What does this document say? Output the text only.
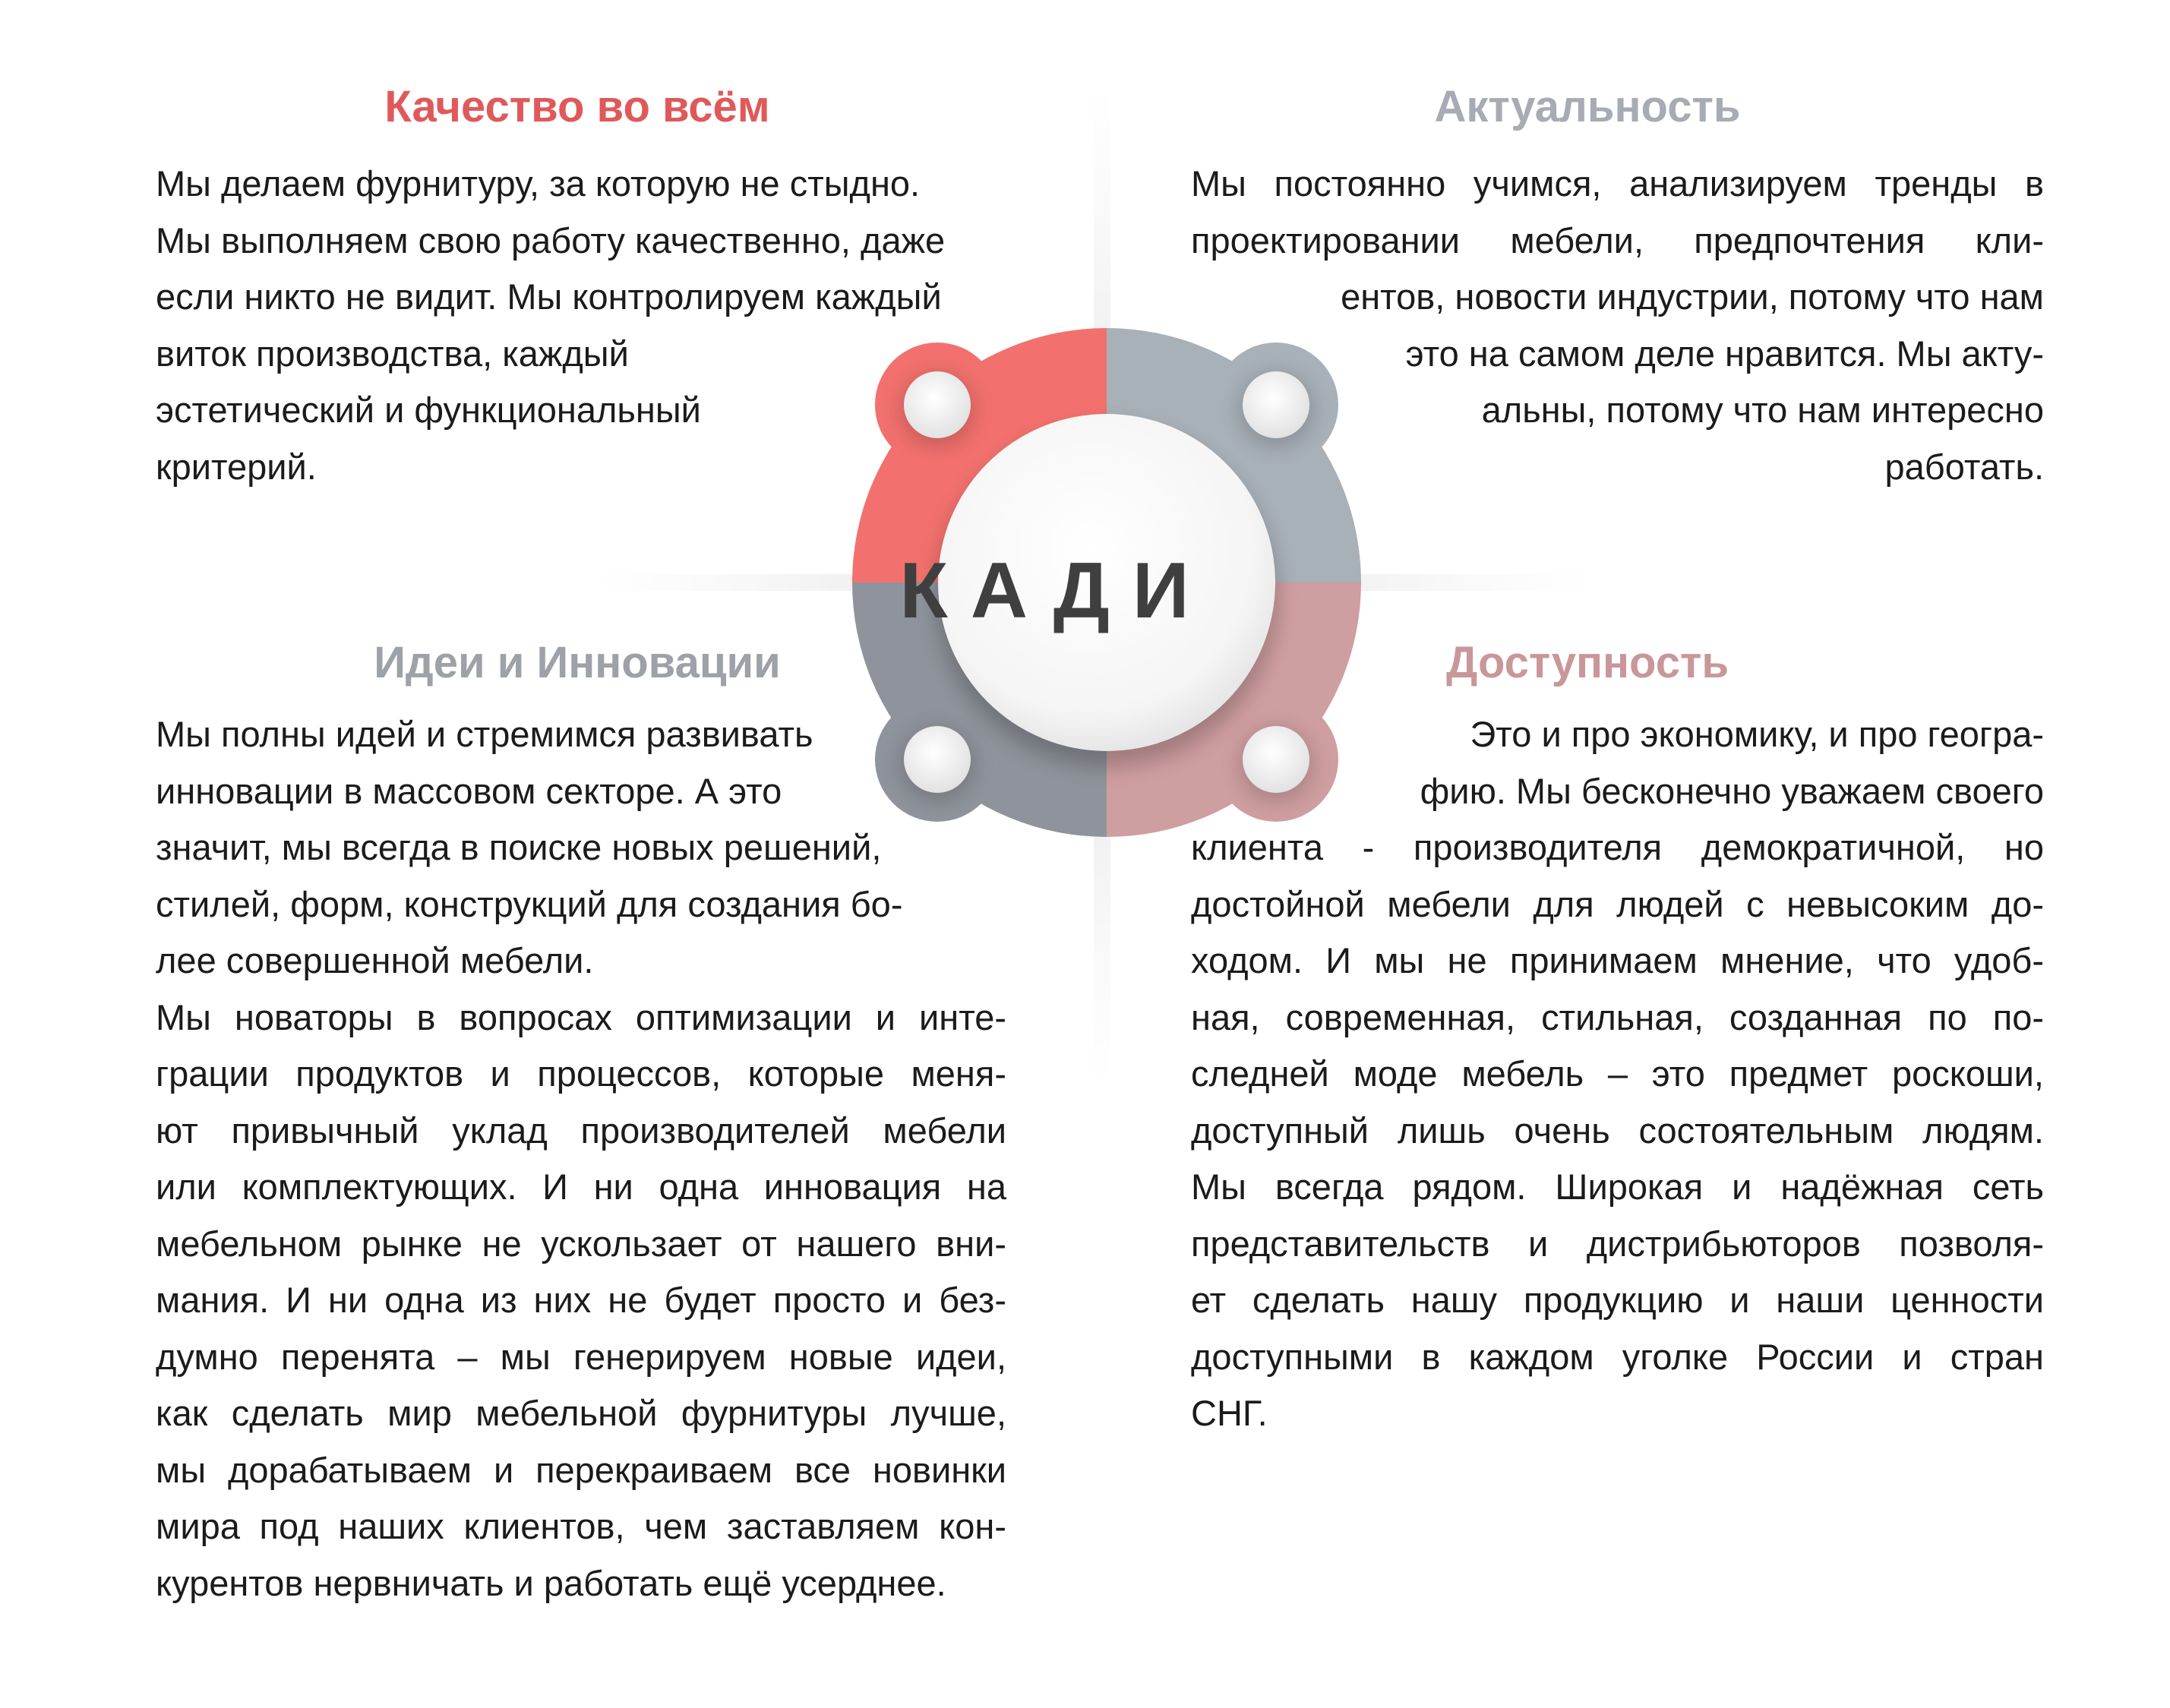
КАДИ
Качество во всём
Мы делаем фурнитуру, за которую не стыдно.
Мы выполняем свою работу качественно, даже
если никто не видит. Мы контролируем каждый
виток производства, каждый
эстетический и функциональный
критерий.
Актуальность
Мы постоянно учимся, анализируем тренды в
проектировании мебели, предпочтения кли-
ентов, новости индустрии, потому что нам
это на самом деле нравится. Мы акту-
альны, потому что нам интересно
работать.
Идеи и Инновации
Мы полны идей и стремимся развивать
инновации в массовом секторе. А это
значит, мы всегда в поиске новых решений,
стилей, форм, конструкций для создания бо-
лее совершенной мебели.
Мы новаторы в вопросах оптимизации и инте-
грации продуктов и процессов, которые меня-
ют привычный уклад производителей мебели
или комплектующих. И ни одна инновация на
мебельном рынке не ускользает от нашего вни-
мания. И ни одна из них не будет просто и без-
думно перенята – мы генерируем новые идеи,
как сделать мир мебельной фурнитуры лучше,
мы дорабатываем и перекраиваем все новинки
мира под наших клиентов, чем заставляем кон-
курентов нервничать и работать ещё усерднее.
Доступность
Это и про экономику, и про геогра-
фию. Мы бесконечно уважаем своего
клиента - производителя демократичной, но
достойной мебели для людей с невысоким до-
ходом. И мы не принимаем мнение, что удоб-
ная, современная, стильная, созданная по по-
следней моде мебель – это предмет роскоши,
доступный лишь очень состоятельным людям.
Мы всегда рядом. Широкая и надёжная сеть
представительств и дистрибьюторов позволя-
ет сделать нашу продукцию и наши ценности
доступными в каждом уголке России и стран
СНГ.
